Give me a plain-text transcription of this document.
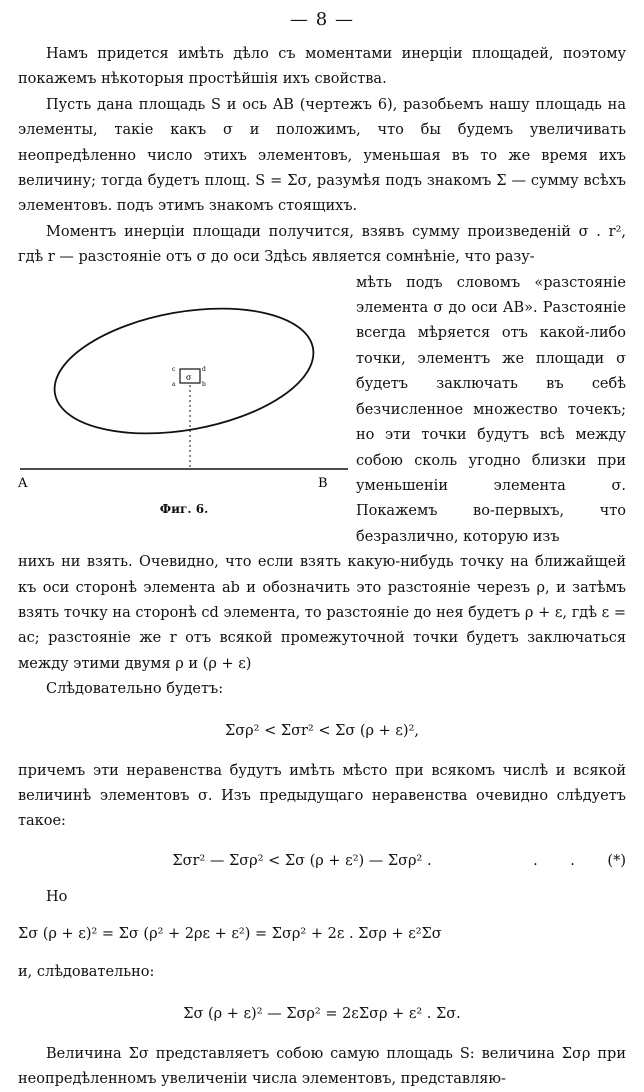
— 8 —

Намъ придется имѣть дѣло съ моментами инерціи площадей, поэтому покажемъ нѣкоторыя простѣйшія ихъ свойства.

Пусть дана площадь S и ось AB (чертежъ 6), разобьемъ нашу площадь на элементы, такіе какъ σ и положимъ, что бы будемъ увеличивать неопредѣленно число этихъ элементовъ, уменьшая въ то же время ихъ величину; тогда будетъ площ. S = Σσ, разумѣя подъ знакомъ Σ — сумму всѣхъ элементовъ. подъ этимъ знакомъ стоящихъ.

Моментъ инерціи площади получится, взявъ сумму произведеній σ . r², гдѣ r — разстояніе отъ σ до оси Здѣсь является сомнѣніе, что разу-

σ
c	d
a	b
A	B
Фиг. 6.

мѣть подъ словомъ «разстояніе элемента σ до оси AB». Разстояніе всегда мѣряется отъ какой-либо точки, элементъ же площади σ будетъ заключать въ себѣ безчисленное множество точекъ; но эти точки будутъ всѣ между собою сколь угодно близки при уменьшеніи элемента σ. Покажемъ во-первыхъ, что безразлично, которую изъ

нихъ ни взять. Очевидно, что если взять какую-нибудь точку на ближайщей къ оси сторонѣ элемента ab и обозначить это разстояніе черезъ ρ, и затѣмъ взять точку на сторонѣ cd элемента, то разстояніе до нея будетъ ρ + ε, гдѣ ε = ac; разстояніе же r отъ всякой промежуточной точки будетъ заключаться между этими двумя ρ и (ρ + ε)

Слѣдовательно будетъ:

Σσρ² < Σσr² < Σσ (ρ + ε)²,

причемъ эти неравенства будутъ имѣть мѣсто при всякомъ числѣ и всякой величинѣ элементовъ σ. Изъ предыдущаго неравенства очевидно слѣдуетъ такое:

Σσr² — Σσρ² < Σσ (ρ + ε²) — Σσρ² .	. .	(*)

Но

Σσ (ρ + ε)² = Σσ (ρ² + 2ρε + ε²) = Σσρ² + 2ε . Σσρ + ε²Σσ

и, слѣдовательно:

Σσ (ρ + ε)² — Σσρ² = 2εΣσρ + ε² . Σσ.

Величина Σσ представляетъ собою самую площадь S: величина Σσρ при неопредѣленномъ увеличеніи числа элементовъ, представляю-
